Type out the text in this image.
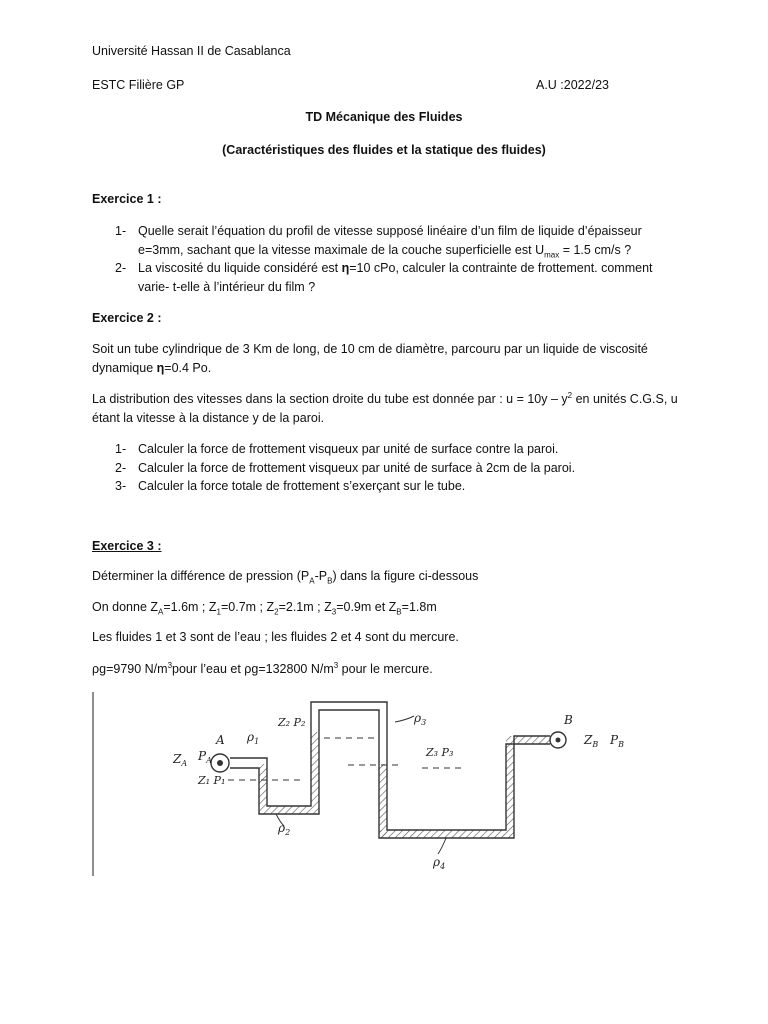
Université Hassan II de Casablanca

ESTC Filière GP	A.U :2022/23

TD Mécanique des Fluides

(Caractéristiques des fluides et la statique des fluides)

Exercice 1 :

1- Quelle serait l’équation du profil de vitesse supposé linéaire d’un film de liquide d’épaisseur e=3mm, sachant que la vitesse maximale de la couche superficielle est $U_{max} = 1.5$ cm/s ?
2- La viscosité du liquide considéré est η=10 cPo, calculer la contrainte de frottement. comment varie- t-elle à l’intérieur du film ?

Exercice 2 :

Soit un tube cylindrique de 3 Km de long, de 10 cm de diamètre, parcouru par un liquide de viscosité dynamique η=0.4 Po.

La distribution des vitesses dans la section droite du tube est donnée par : $u = 10y - y^2$ en unités C.G.S, u étant la vitesse à la distance y de la paroi.

1- Calculer la force de frottement visqueux par unité de surface contre la paroi.
2- Calculer la force de frottement visqueux par unité de surface à 2cm de la paroi.
3- Calculer la force totale de frottement s’exerçant sur le tube.

Exercice 3 :

Déterminer la différence de pression $(P_A-P_B)$ dans la figure ci-dessous

On donne $Z_A=1.6m$ ; $Z_1=0.7m$ ; $Z_2=2.1m$ ; $Z_3=0.9m$ et $Z_B=1.8m$

Les fluides 1 et 3 sont de l’eau ; les fluides 2 et 4 sont du mercure.

ρg=9790 $N/m^3pour$ l’eau et ρg=132800 $N/m^3$ pour le mercure.

A
$Z_A$
$P_A$
$\rho_1$
Z₁ P₁
Z₂ P₂	$\rho_3$
Z₃ P₃
$\rho_2$
$\rho_4$
B
$Z_B$ $P_B$
